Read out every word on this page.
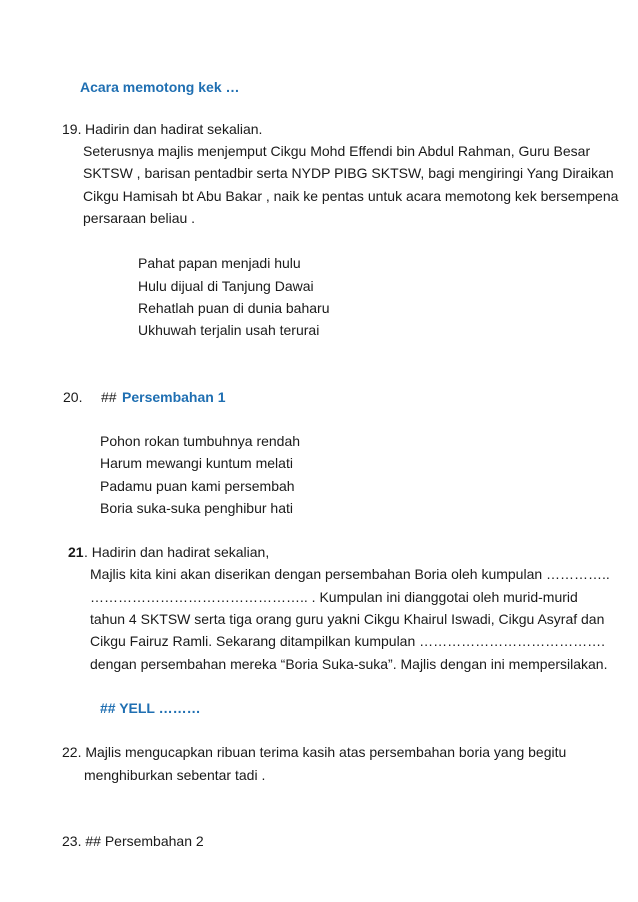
Acara memotong kek …
19. Hadirin dan hadirat sekalian.
Seterusnya majlis menjemput Cikgu Mohd Effendi bin Abdul Rahman, Guru Besar
SKTSW , barisan pentadbir serta NYDP PIBG SKTSW, bagi mengiringi Yang Diraikan
Cikgu Hamisah bt Abu Bakar , naik ke pentas untuk acara memotong kek bersempena
persaraan beliau .
Pahat papan menjadi hulu
Hulu dijual di Tanjung Dawai
Rehatlah puan di dunia baharu
Ukhuwah terjalin usah terurai
20. ## Persembahan 1
Pohon rokan tumbuhnya rendah
Harum mewangi kuntum melati
Padamu puan kami persembah
Boria suka-suka penghibur hati
21 . Hadirin dan hadirat sekalian,
Majlis kita kini akan diserikan dengan persembahan Boria oleh kumpulan …………..
……………………………………….. . Kumpulan ini dianggotai oleh murid-murid
tahun 4 SKTSW serta tiga orang guru yakni Cikgu Khairul Iswadi, Cikgu Asyraf dan
Cikgu Fairuz Ramli. Sekarang ditampilkan kumpulan ………………………………….
dengan persembahan mereka “Boria Suka-suka”. Majlis dengan ini mempersilakan.
## YELL ………
22. Majlis mengucapkan ribuan terima kasih atas persembahan boria yang begitu
menghiburkan sebentar tadi .
23. ## Persembahan 2
